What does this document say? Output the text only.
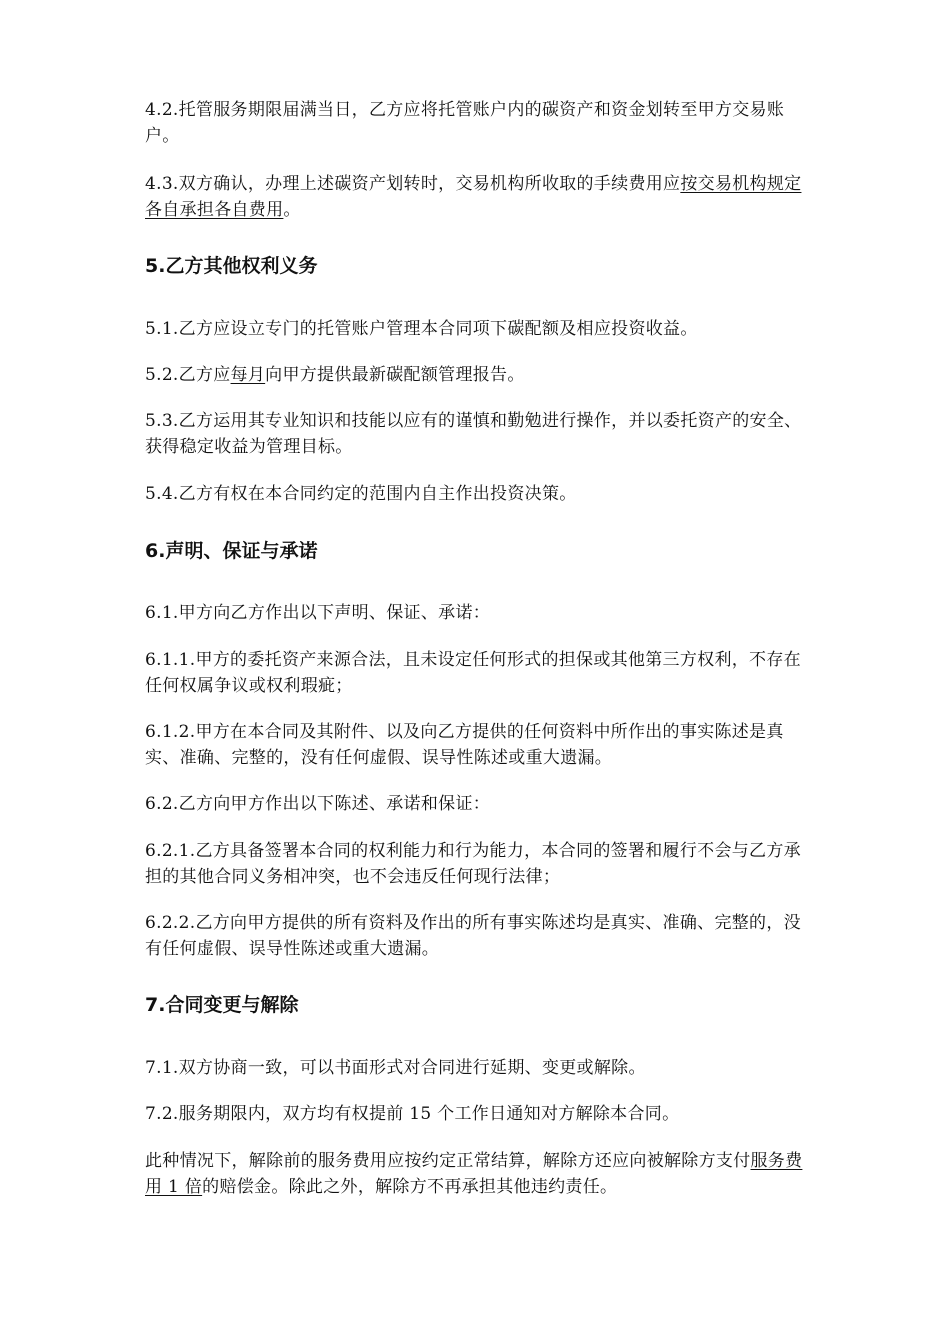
4.2.托管服务期限届满当日，乙方应将托管账户内的碳资产和资金划转至甲方交易账户。

4.3.双方确认，办理上述碳资产划转时，交易机构所收取的手续费用应按交易机构规定各自承担各自费用。

5.乙方其他权利义务

5.1.乙方应设立专门的托管账户管理本合同项下碳配额及相应投资收益。

5.2.乙方应每月向甲方提供最新碳配额管理报告。

5.3.乙方运用其专业知识和技能以应有的谨慎和勤勉进行操作，并以委托资产的安全、获得稳定收益为管理目标。

5.4.乙方有权在本合同约定的范围内自主作出投资决策。

6.声明、保证与承诺

6.1.甲方向乙方作出以下声明、保证、承诺：

6.1.1.甲方的委托资产来源合法，且未设定任何形式的担保或其他第三方权利，不存在任何权属争议或权利瑕疵；

6.1.2.甲方在本合同及其附件、以及向乙方提供的任何资料中所作出的事实陈述是真实、准确、完整的，没有任何虚假、误导性陈述或重大遗漏。

6.2.乙方向甲方作出以下陈述、承诺和保证：

6.2.1.乙方具备签署本合同的权利能力和行为能力，本合同的签署和履行不会与乙方承担的其他合同义务相冲突，也不会违反任何现行法律；

6.2.2.乙方向甲方提供的所有资料及作出的所有事实陈述均是真实、准确、完整的，没有任何虚假、误导性陈述或重大遗漏。

7.合同变更与解除

7.1.双方协商一致，可以书面形式对合同进行延期、变更或解除。

7.2.服务期限内，双方均有权提前 15 个工作日通知对方解除本合同。

此种情况下，解除前的服务费用应按约定正常结算，解除方还应向被解除方支付服务费用 1 倍的赔偿金。除此之外，解除方不再承担其他违约责任。
